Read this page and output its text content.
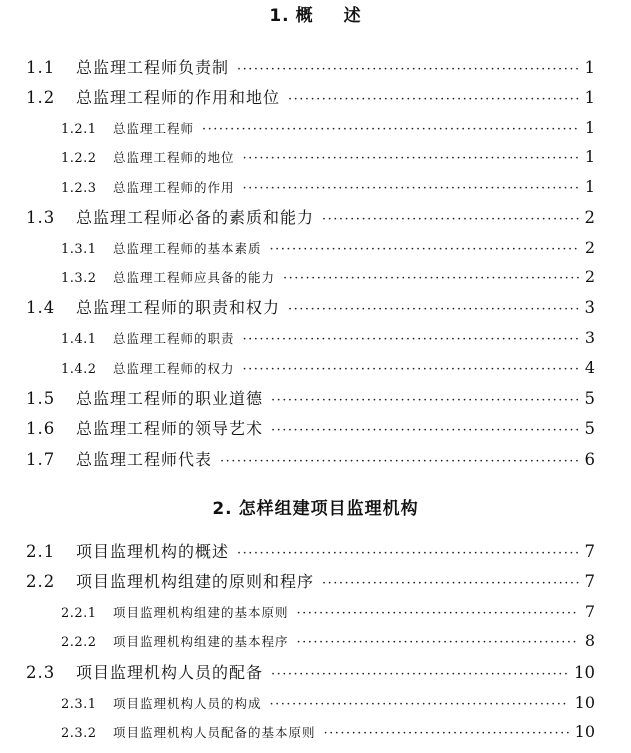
1. 概 述
1.1	总监理工程师负责制 ·····	1
1.2	总监理工程师的作用和地位 ·····	1
1.2.1	总监理工程师 ·····	1
1.2.2	总监理工程师的地位 ·····	1
1.2.3	总监理工程师的作用 ·····	1
1.3	总监理工程师必备的素质和能力 ·····	2
1.3.1	总监理工程师的基本素质 ·····	2
1.3.2	总监理工程师应具备的能力 ·····	2
1.4	总监理工程师的职责和权力 ·····	3
1.4.1	总监理工程师的职责 ·····	3
1.4.2	总监理工程师的权力 ·····	4
1.5	总监理工程师的职业道德 ·····	5
1.6	总监理工程师的领导艺术 ·····	5
1.7	总监理工程师代表 ·····	6
2. 怎样组建项目监理机构
2.1	项目监理机构的概述 ·····	7
2.2	项目监理机构组建的原则和程序 ·····	7
2.2.1	项目监理机构组建的基本原则 ·····	7
2.2.2	项目监理机构组建的基本程序 ·····	8
2.3	项目监理机构人员的配备 ·····	10
2.3.1	项目监理机构人员的构成 ·····	10
2.3.2	项目监理机构人员配备的基本原则 ·····	10
